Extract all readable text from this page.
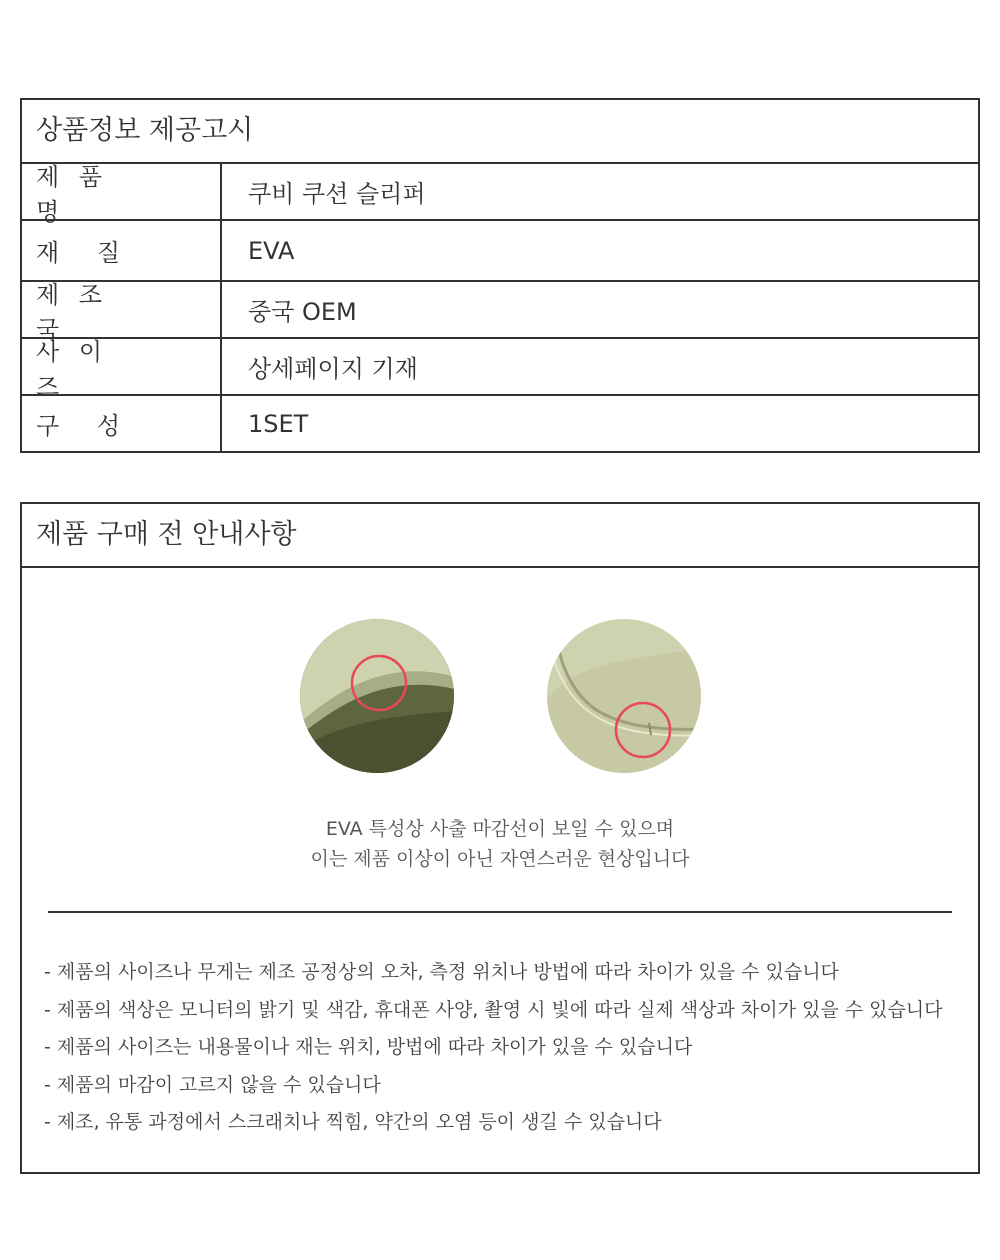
상품정보 제공고시
제 품 명
쿠비 쿠션 슬리퍼
재 질	EVA
제 조 국
중국 OEM
사 이 즈
상세페이지 기재
구 성	1SET
제품 구매 전 안내사항
EVA 특성상 사출 마감선이 보일 수 있으며
이는 제품 이상이 아닌 자연스러운 현상입니다
- 제품의 사이즈나 무게는 제조 공정상의 오차, 측정 위치나 방법에 따라 차이가 있을 수 있습니다
- 제품의 색상은 모니터의 밝기 및 색감, 휴대폰 사양, 촬영 시 빛에 따라 실제 색상과 차이가 있을 수 있습니다
- 제품의 사이즈는 내용물이나 재는 위치, 방법에 따라 차이가 있을 수 있습니다
- 제품의 마감이 고르지 않을 수 있습니다
- 제조, 유통 과정에서 스크래치나 찍힘, 약간의 오염 등이 생길 수 있습니다
